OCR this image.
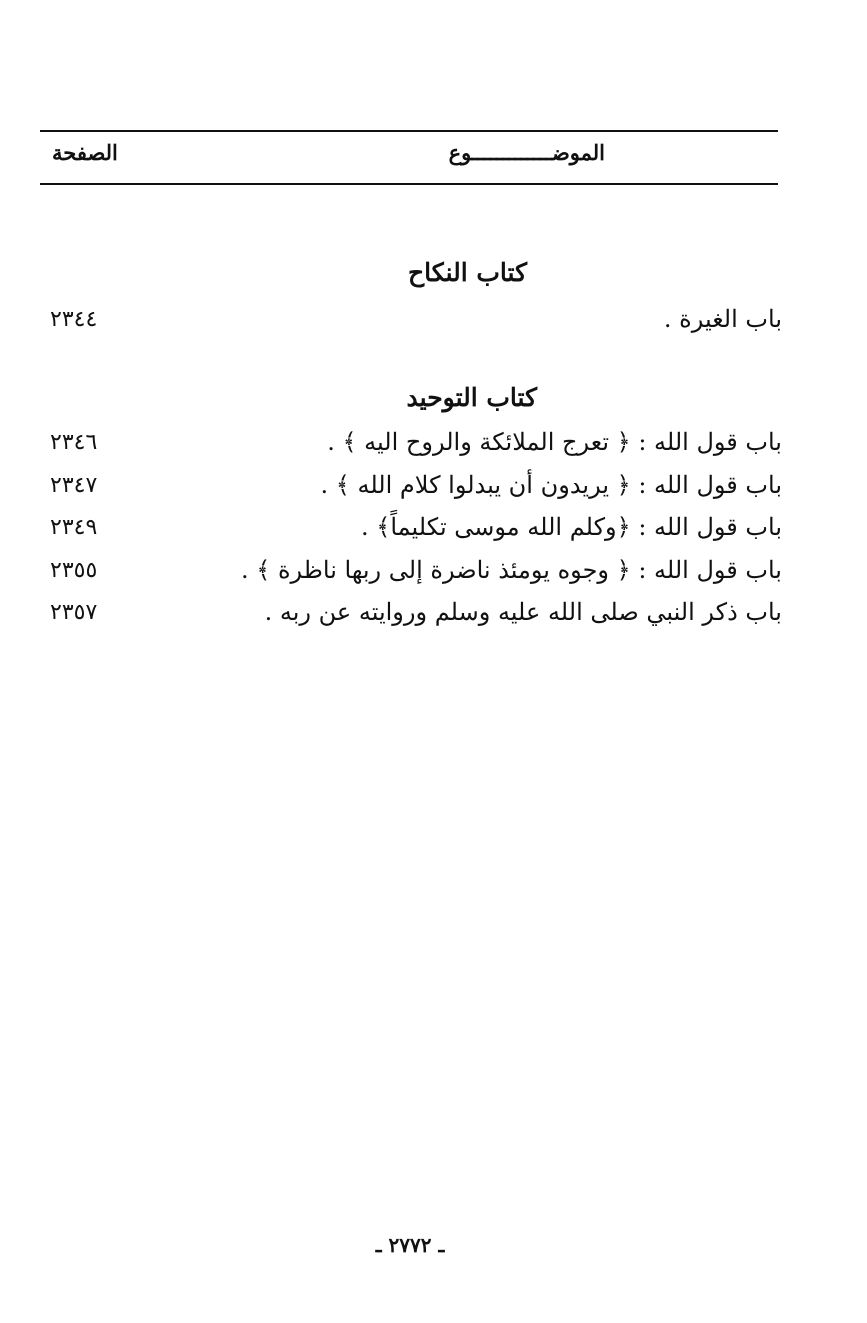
الموضـــــــــــــوع
الصفحة
كتاب النكاح
باب الغيرة .
٢٣٤٤
كتاب التوحيد
باب قول الله : ﴿ تعرج الملائكة والروح اليه ﴾ .
٢٣٤٦
باب قول الله : ﴿ يريدون أن يبدلوا كلام الله ﴾ .
٢٣٤٧
باب قول الله : ﴿وكلم الله موسى تكليماً﴾ .
٢٣٤٩
باب قول الله : ﴿ وجوه يومئذ ناضرة إلى ربها ناظرة ﴾ .
٢٣٥٥
باب ذكر النبي صلى الله عليه وسلم وروايته عن ربه .
٢٣٥٧
ـ ٢٧٧٢ ـ
